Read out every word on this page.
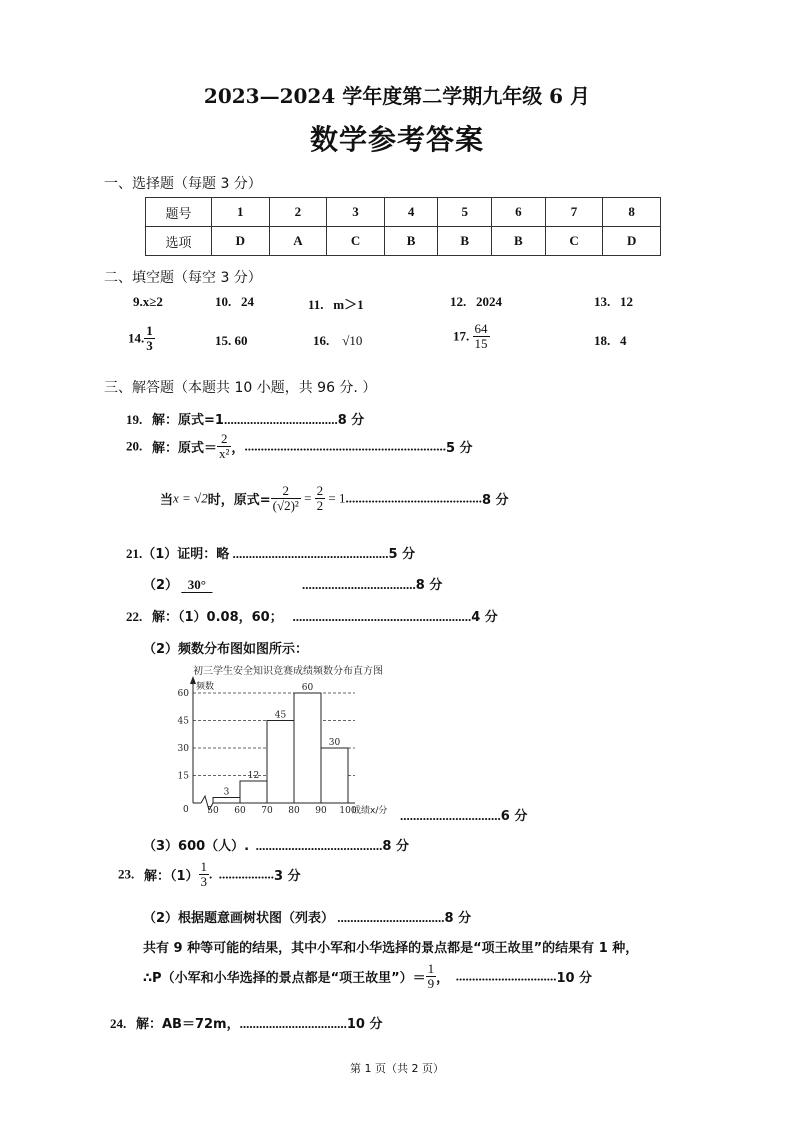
2023—2024 学年度第二学期九年级 6 月
数学参考答案
一、选择题（每题 3 分）
题号	1	2	3	4	5	6	7	8
选项	D	A	C	B	B	B	C	D
二、填空题（每空 3 分）
9.x≥2	10. 24	11. m＞1	12. 2024	13. 12
14. $\frac{1}{3}$	15. 60	16. √10	17. $\frac{64}{15}$	18. 4
三、解答题（本题共 10 小题，共 96 分. ）
19. 解：原式=1...................................8 分
20. 解：原式＝ $\frac{2}{\text{x²}}$ ，..............................................................5 分
当x = √2时，原式= $\frac{2}{\text{(√2)²}} = \frac{2}{2} = 1..........................................8$ 分
21.（1）证明：略 ................................................5 分
（2） 30°	...................................8 分
22. 解：（1）0.08，60； .......................................................4 分
（2）频数分布图如图所示：
初三学生安全知识竞赛成绩频数分布直方图
频数
0	成绩x/分
15
30
45
60
50 60 70 80 90 100
3
12
45
60
30
...............................6 分
（3）600（人）. .......................................8 分
23. 解：$(1) \frac{1}{3}$ . .................3 分
（2）根据题意画树状图（列表） .................................8 分
共有 9 种等可能的结果，其中小军和小华选择的景点都是“项王故里”的结果有 1 种，
∴P（小军和小华选择的景点都是“项王故里”）＝ $\frac{1}{9}$ ， ...............................10 分
24. 解：AB＝72m，.................................10 分
第 1 页（共 2 页）
